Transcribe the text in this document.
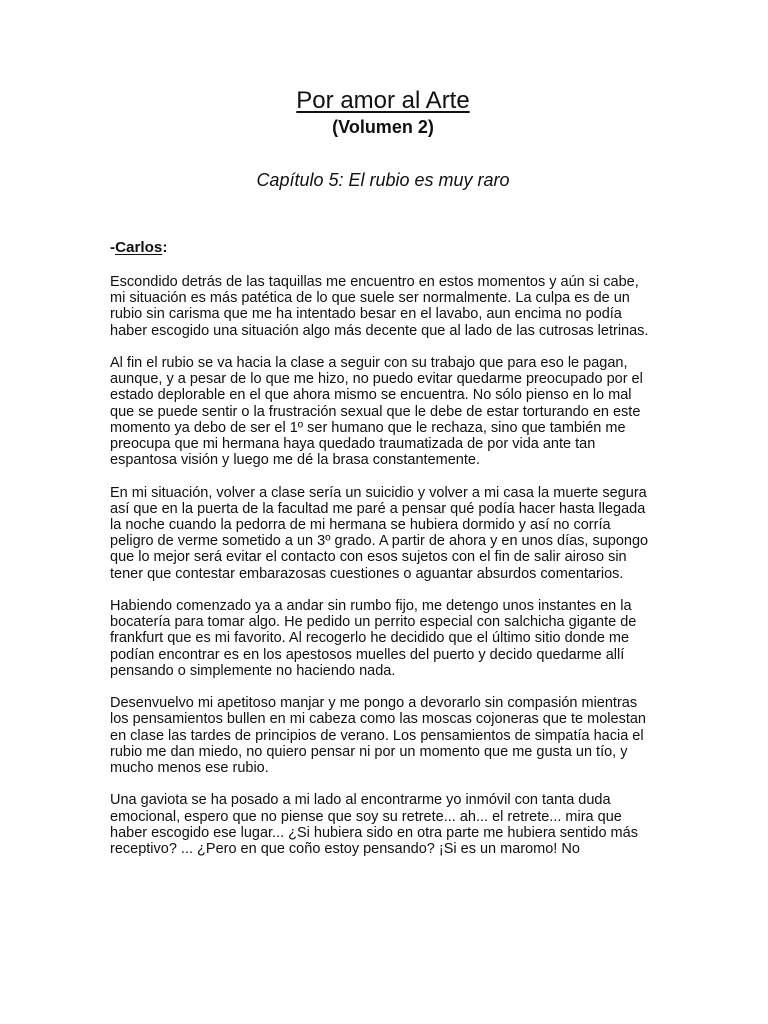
Por amor al Arte
(Volumen 2)
Capítulo 5: El rubio es muy raro
-Carlos:

Escondido detrás de las taquillas me encuentro en estos momentos y aún si cabe, mi situación es más patética de lo que suele ser normalmente. La culpa es de un rubio sin carisma que me ha intentado besar en el lavabo, aun encima no podía haber escogido una situación algo más decente que al lado de las cutrosas letrinas.

Al fin el rubio se va hacia la clase a seguir con su trabajo que para eso le pagan, aunque, y a pesar de lo que me hizo, no puedo evitar quedarme preocupado por el estado deplorable en el que ahora mismo se encuentra. No sólo pienso en lo mal que se puede sentir o la frustración sexual que le debe de estar torturando en este momento ya debo de ser el 1º ser humano que le rechaza, sino que también me preocupa que mi hermana haya quedado traumatizada de por vida ante tan espantosa visión y luego me dé la brasa constantemente.

En mi situación, volver a clase sería un suicidio y volver a mi casa la muerte segura así que en la puerta de la facultad me paré a pensar qué podía hacer hasta llegada la noche cuando la pedorra de mi hermana se hubiera dormido y así no corría peligro de verme sometido a un 3º grado. A partir de ahora y en unos días, supongo que lo mejor será evitar el contacto con esos sujetos con el fin de salir airoso sin tener que contestar embarazosas cuestiones o aguantar absurdos comentarios.

Habiendo comenzado ya a andar sin rumbo fijo, me detengo unos instantes en la bocatería para tomar algo. He pedido un perrito especial con salchicha gigante de frankfurt que es mi favorito. Al recogerlo he decidido que el último sitio donde me podían encontrar es en los apestosos muelles del puerto y decido quedarme allí pensando o simplemente no haciendo nada.

Desenvuelvo mi apetitoso manjar y me pongo a devorarlo sin compasión mientras los pensamientos bullen en mi cabeza como las moscas cojoneras que te molestan en clase las tardes de principios de verano. Los pensamientos de simpatía hacia el rubio me dan miedo, no quiero pensar ni por un momento que me gusta un tío, y mucho menos ese rubio.

Una gaviota se ha posado a mi lado al encontrarme yo inmóvil con tanta duda emocional, espero que no piense que soy su retrete... ah... el retrete... mira que haber escogido ese lugar... ¿Si hubiera sido en otra parte me hubiera sentido más receptivo? ... ¿Pero en que coño estoy pensando? ¡Si es un maromo! No
